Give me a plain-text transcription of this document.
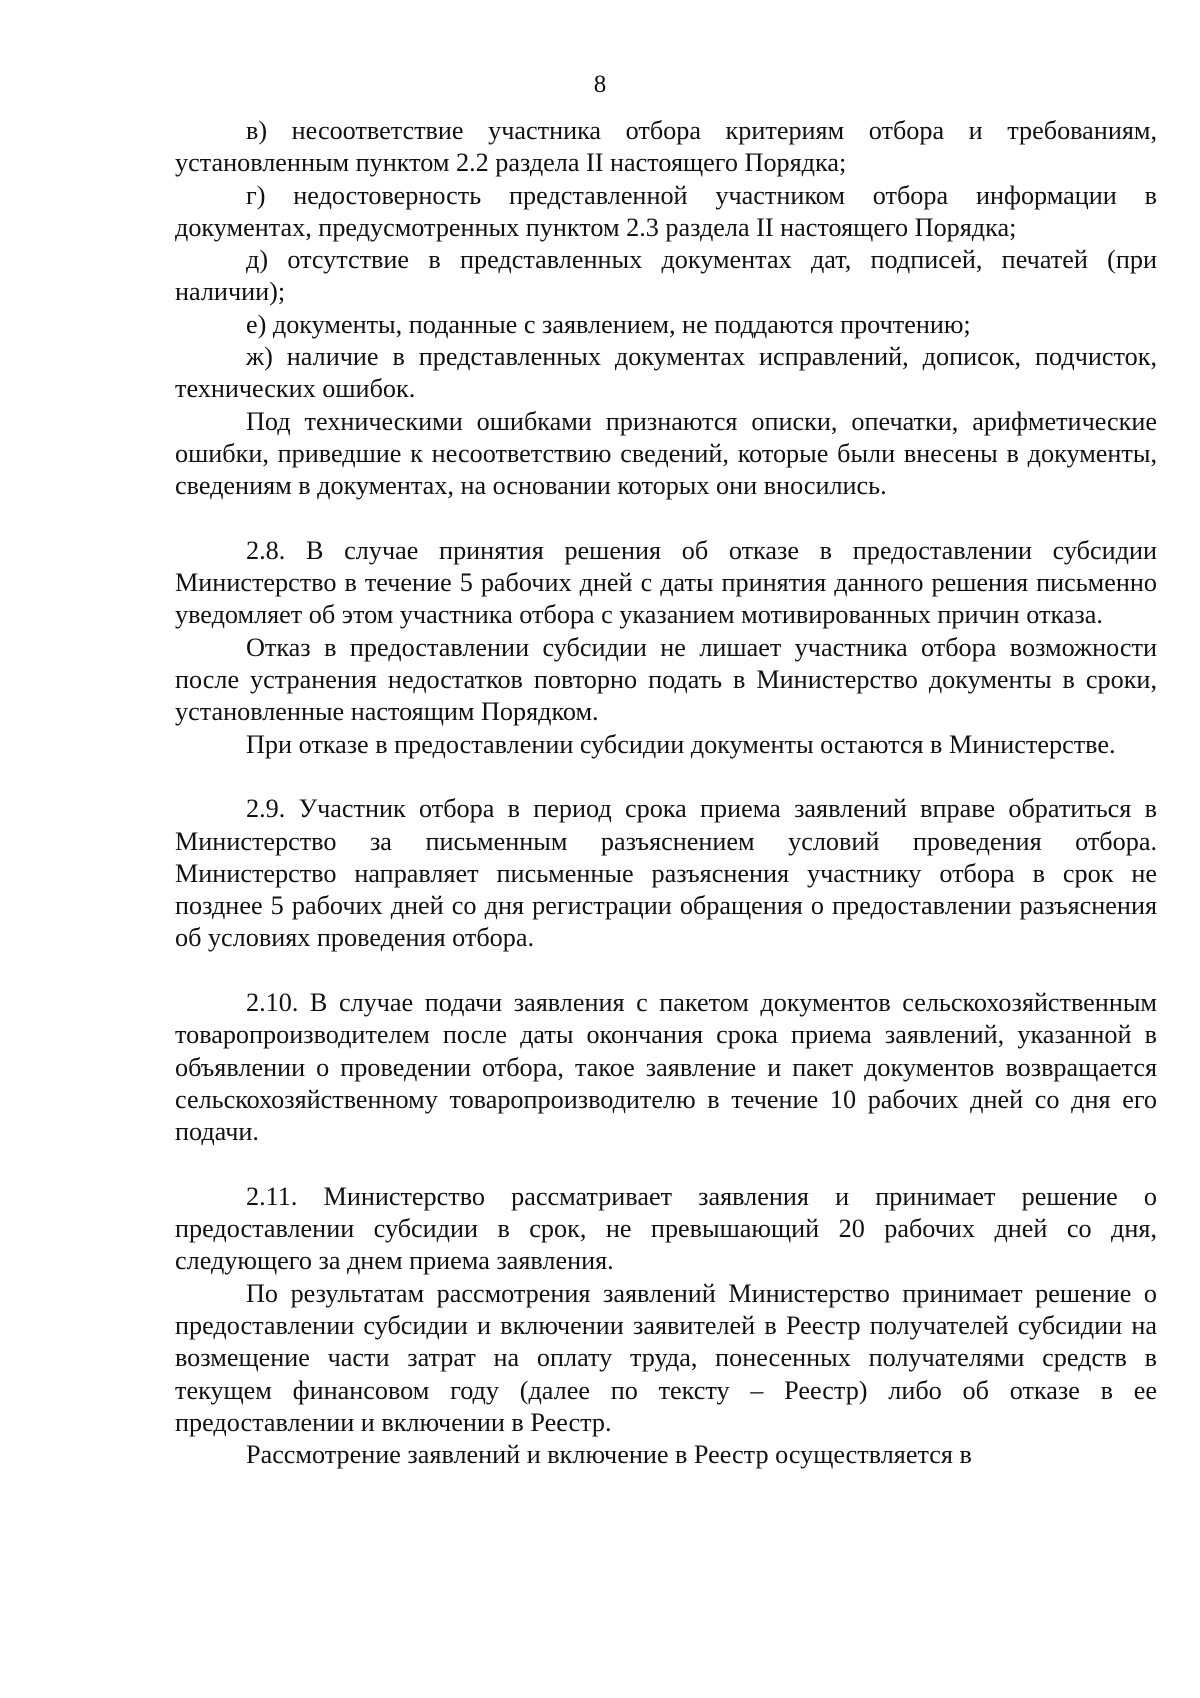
8

в) несоответствие участника отбора критериям отбора и требованиям, установленным пунктом 2.2 раздела II настоящего Порядка;

г) недостоверность представленной участником отбора информации в документах, предусмотренных пунктом 2.3 раздела II настоящего Порядка;

д) отсутствие в представленных документах дат, подписей, печатей (при наличии);

е) документы, поданные с заявлением, не поддаются прочтению;

ж) наличие в представленных документах исправлений, дописок, подчисток, технических ошибок.

Под техническими ошибками признаются описки, опечатки, арифметические ошибки, приведшие к несоответствию сведений, которые были внесены в документы, сведениям в документах, на основании которых они вносились.

2.8. В случае принятия решения об отказе в предоставлении субсидии Министерство в течение 5 рабочих дней с даты принятия данного решения письменно уведомляет об этом участника отбора с указанием мотивированных причин отказа.

Отказ в предоставлении субсидии не лишает участника отбора возможности после устранения недостатков повторно подать в Министерство документы в сроки, установленные настоящим Порядком.

При отказе в предоставлении субсидии документы остаются в Министерстве.

2.9. Участник отбора в период срока приема заявлений вправе обратиться в Министерство за письменным разъяснением условий проведения отбора. Министерство направляет письменные разъяснения участнику отбора в срок не позднее 5 рабочих дней со дня регистрации обращения о предоставлении разъяснения об условиях проведения отбора.

2.10. В случае подачи заявления с пакетом документов сельскохозяйственным товаропроизводителем после даты окончания срока приема заявлений, указанной в объявлении о проведении отбора, такое заявление и пакет документов возвращается сельскохозяйственному товаропроизводителю в течение 10 рабочих дней со дня его подачи.

2.11. Министерство рассматривает заявления и принимает решение о предоставлении субсидии в срок, не превышающий 20 рабочих дней со дня, следующего за днем приема заявления.

По результатам рассмотрения заявлений Министерство принимает решение о предоставлении субсидии и включении заявителей в Реестр получателей субсидии на возмещение части затрат на оплату труда, понесенных получателями средств в текущем финансовом году (далее по тексту – Реестр) либо об отказе в ее предоставлении и включении в Реестр.

Рассмотрение заявлений и включение в Реестр осуществляется в
